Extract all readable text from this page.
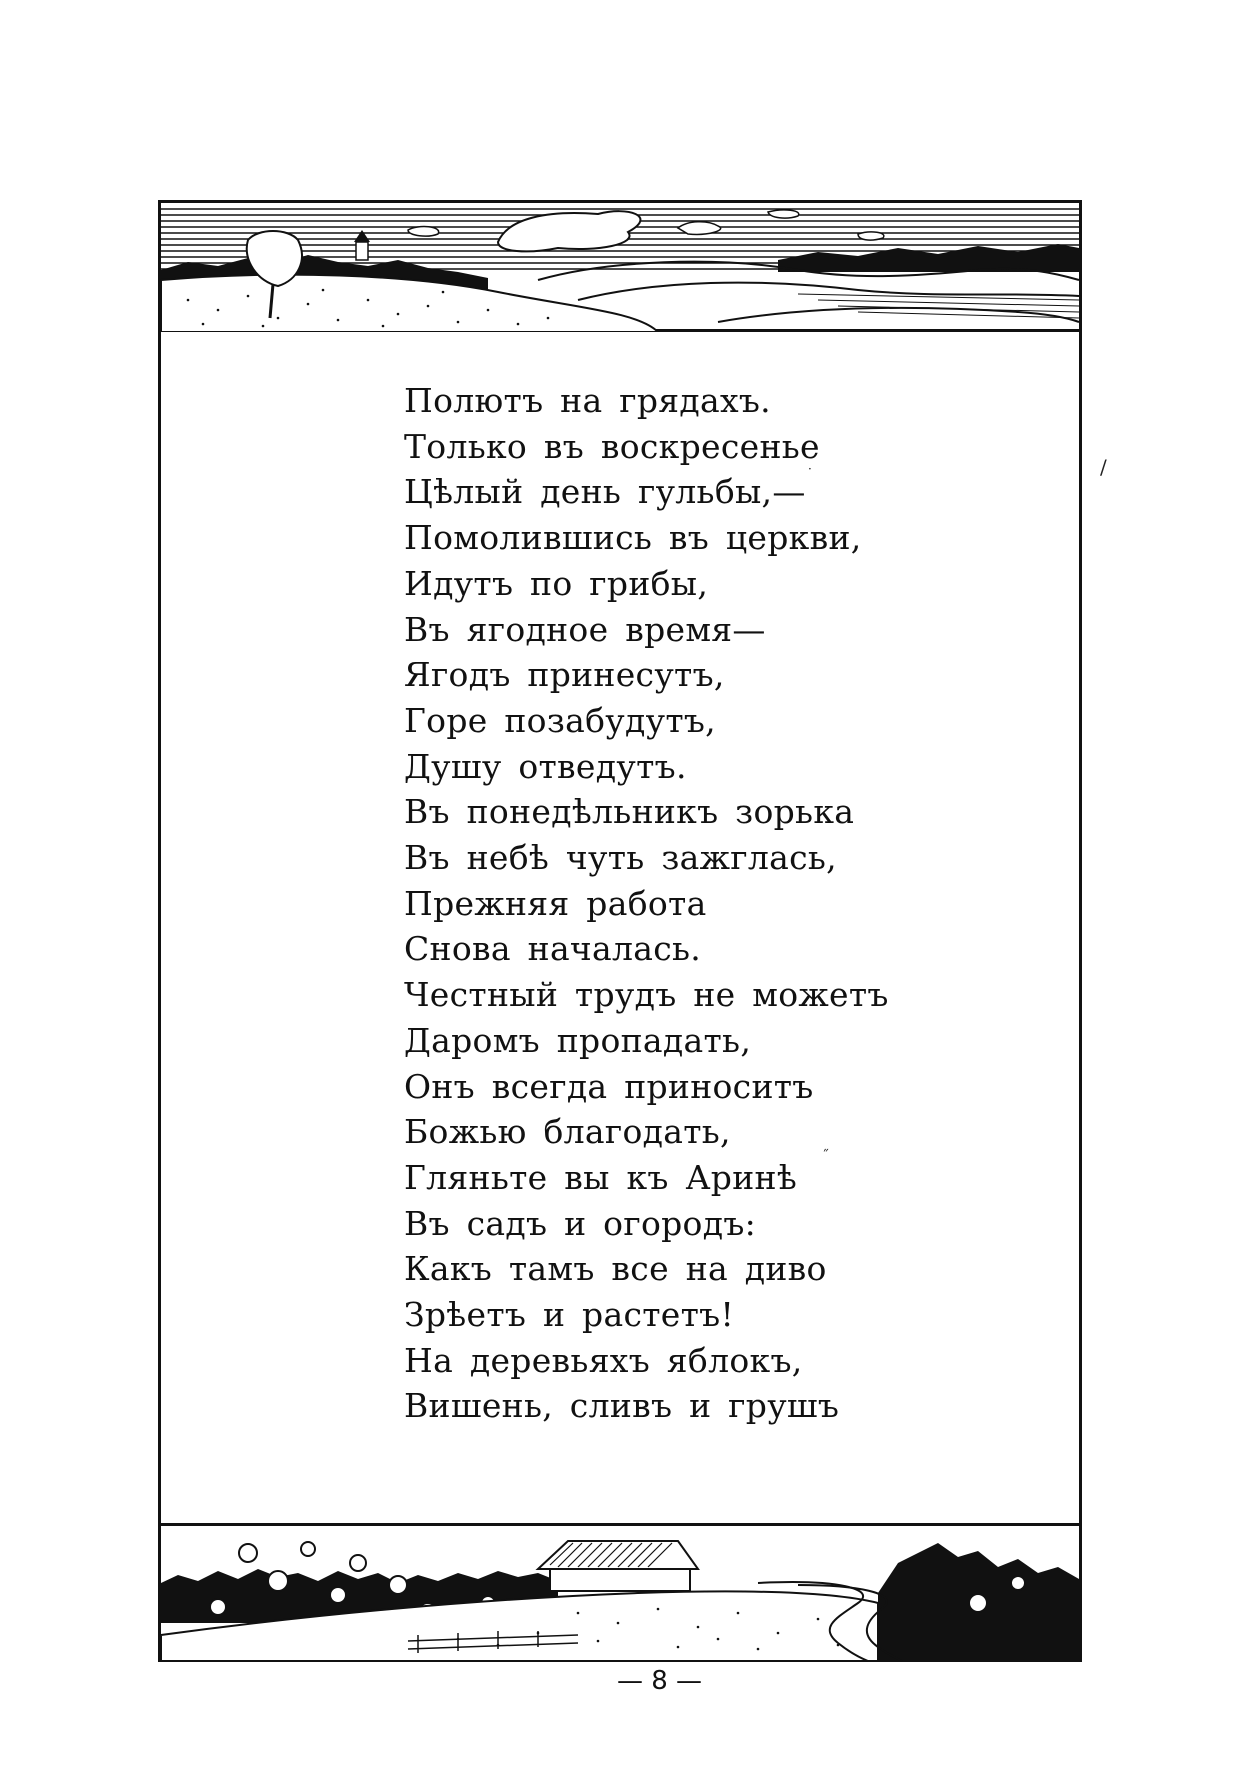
Полютъ на грядахъ.
Только въ воскресенье
Цѣлый день гульбы,—
Помолившись въ церкви,
Идутъ по грибы,
Въ ягодное время—
Ягодъ принесутъ,
Горе позабудутъ,
Душу отведутъ.
Въ понедѣльникъ зорька
Въ небѣ чуть зажглась,
Прежняя работа
Снова началась.
Честный трудъ не можетъ
Даромъ пропадать,
Онъ всегда приноситъ
Божью благодать,
Гляньте вы къ Аринѣ
Въ садъ и огородъ:
Какъ тамъ все на диво
Зрѣетъ и растетъ!
На деревьяхъ яблокъ,
Вишень, сливъ и грушъ
— 8 —
/
·
˝
